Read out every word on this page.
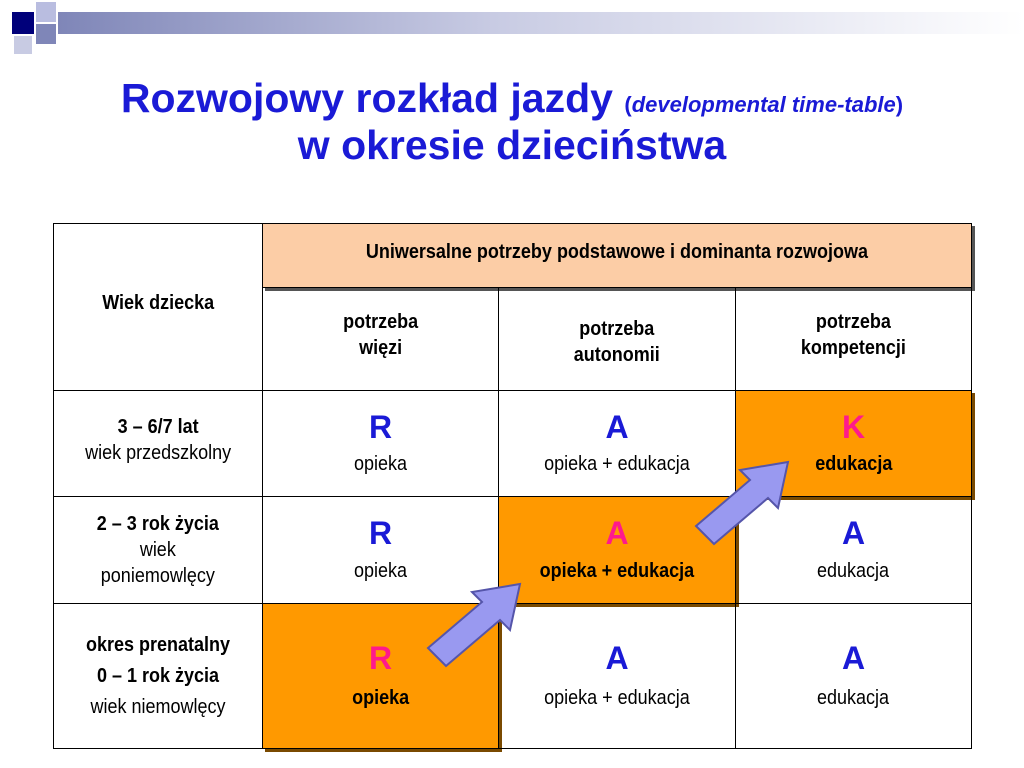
Rozwojowy rozkład jazdy (developmental time-table)
w okresie dzieciństwa
Wiek dziecka
Uniwersalne potrzeby podstawowe i dominanta rozwojowa
potrzeba
więzi
potrzeba
autonomii
potrzeba
kompetencji
3 – 6/7 lat
wiek przedszkolny
R
opieka
A
opieka + edukacja
K
edukacja
2 – 3 rok życia
wiek
poniemowlęcy
R
opieka
A
opieka + edukacja
A
edukacja
okres prenatalny
0 – 1 rok życia
wiek niemowlęcy
R
opieka
A
opieka + edukacja
A
edukacja
